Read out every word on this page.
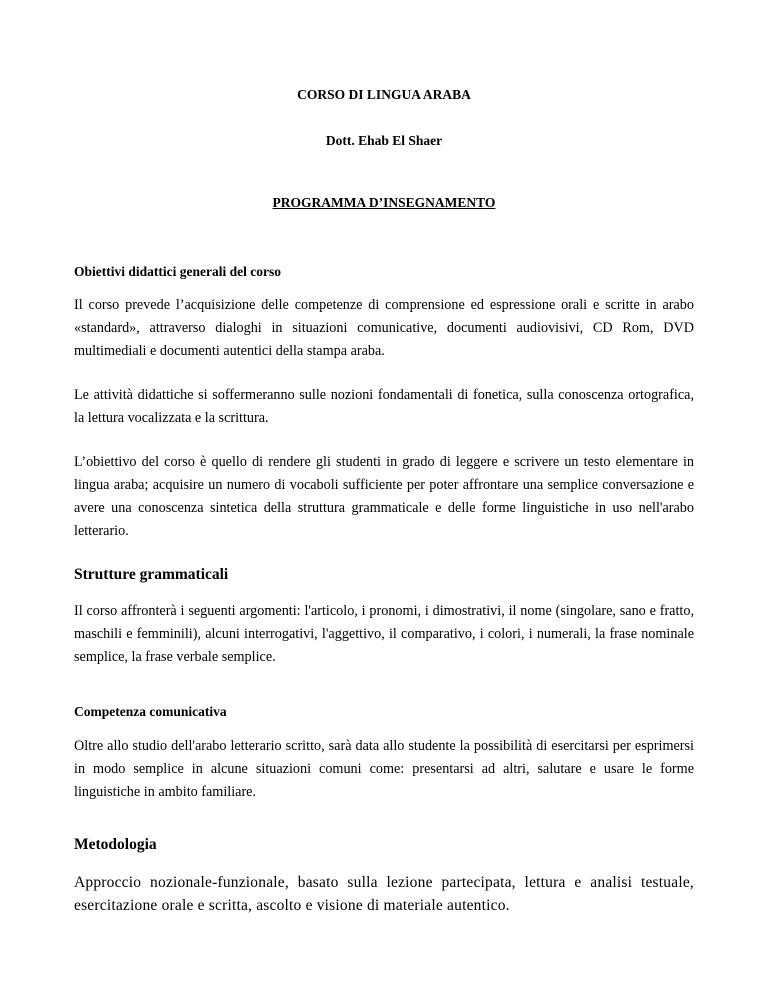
CORSO DI LINGUA ARABA
Dott. Ehab El Shaer
PROGRAMMA D’INSEGNAMENTO
Obiettivi didattici generali del corso

Il corso prevede l’acquisizione delle competenze di comprensione ed espressione orali e scritte in arabo «standard», attraverso dialoghi in situazioni comunicative, documenti audiovisivi, CD Rom, DVD multimediali e documenti autentici della stampa araba.

Le attività didattiche si soffermeranno sulle nozioni fondamentali di fonetica, sulla conoscenza ortografica, la lettura vocalizzata e la scrittura.

L’obiettivo del corso è quello di rendere gli studenti in grado di leggere e scrivere un testo elementare in lingua araba; acquisire un numero di vocaboli sufficiente per poter affrontare una semplice conversazione e avere una conoscenza sintetica della struttura grammaticale e delle forme linguistiche in uso nell'arabo letterario.

Strutture grammaticali

Il corso affronterà i seguenti argomenti: l'articolo, i pronomi, i dimostrativi, il nome (singolare, sano e fratto, maschili e femminili), alcuni interrogativi, l'aggettivo, il comparativo, i colori, i numerali, la frase nominale semplice, la frase verbale semplice.

Competenza comunicativa

Oltre allo studio dell'arabo letterario scritto, sarà data allo studente la possibilità di esercitarsi per esprimersi in modo semplice in alcune situazioni comuni come: presentarsi ad altri, salutare e usare le forme linguistiche in ambito familiare.

Metodologia

Approccio nozionale-funzionale, basato sulla lezione partecipata, lettura e analisi testuale, esercitazione orale e scritta, ascolto e visione di materiale autentico.
